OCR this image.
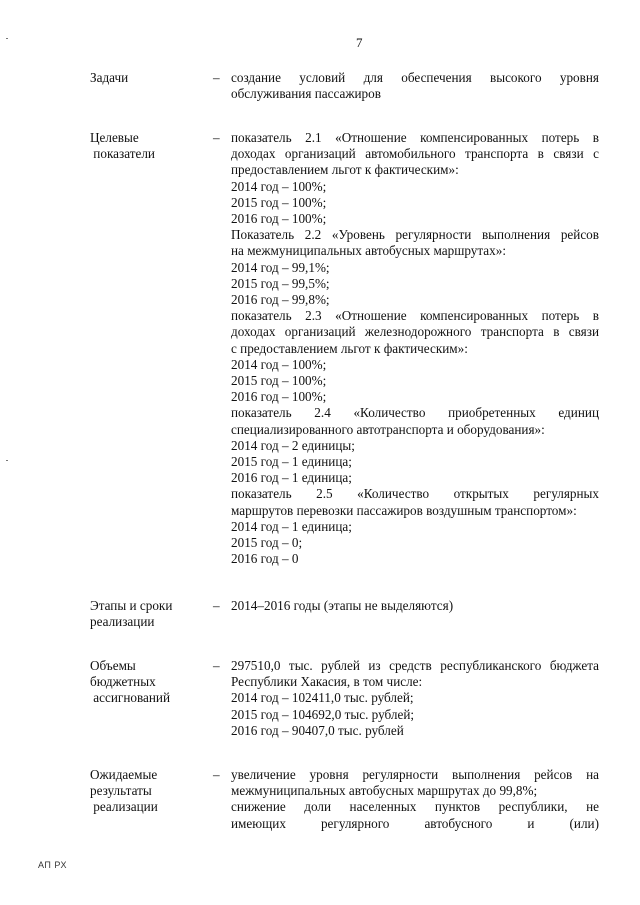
7
Задачи	– создание условий для обеспечения высокого уровня
обслуживания пассажиров
Целевые
показатели
– показатель 2.1 «Отношение компенсированных потерь в
доходах организаций автомобильного транспорта в связи с
предоставлением льгот к фактическим»:
2014 год – 100%;
2015 год – 100%;
2016 год – 100%;
Показатель 2.2 «Уровень регулярности выполнения рейсов
на межмуниципальных автобусных маршрутах»:
2014 год – 99,1%;
2015 год – 99,5%;
2016 год – 99,8%;
показатель 2.3 «Отношение компенсированных потерь в
доходах организаций железнодорожного транспорта в связи
с предоставлением льгот к фактическим»:
2014 год – 100%;
2015 год – 100%;
2016 год – 100%;
показатель 2.4 «Количество приобретенных единиц
специализированного автотранспорта и оборудования»:
2014 год – 2 единицы;
2015 год – 1 единица;
2016 год – 1 единица;
показатель 2.5 «Количество открытых регулярных
маршрутов перевозки пассажиров воздушным транспортом»:
2014 год – 1 единица;
2015 год – 0;
2016 год – 0
Этапы и сроки
реализации
– 2014–2016 годы (этапы не выделяются)
Объемы
бюджетных
ассигнований
– 297510,0 тыс. рублей из средств республиканского бюджета
Республики Хакасия, в том числе:
2014 год – 102411,0 тыс. рублей;
2015 год – 104692,0 тыс. рублей;
2016 год – 90407,0 тыс. рублей
Ожидаемые
результаты
реализации
– увеличение уровня регулярности выполнения рейсов на
межмуниципальных автобусных маршрутах до 99,8%;
снижение доли населенных пунктов республики, не
имеющих регулярного автобусного и (или)
АП РХ
